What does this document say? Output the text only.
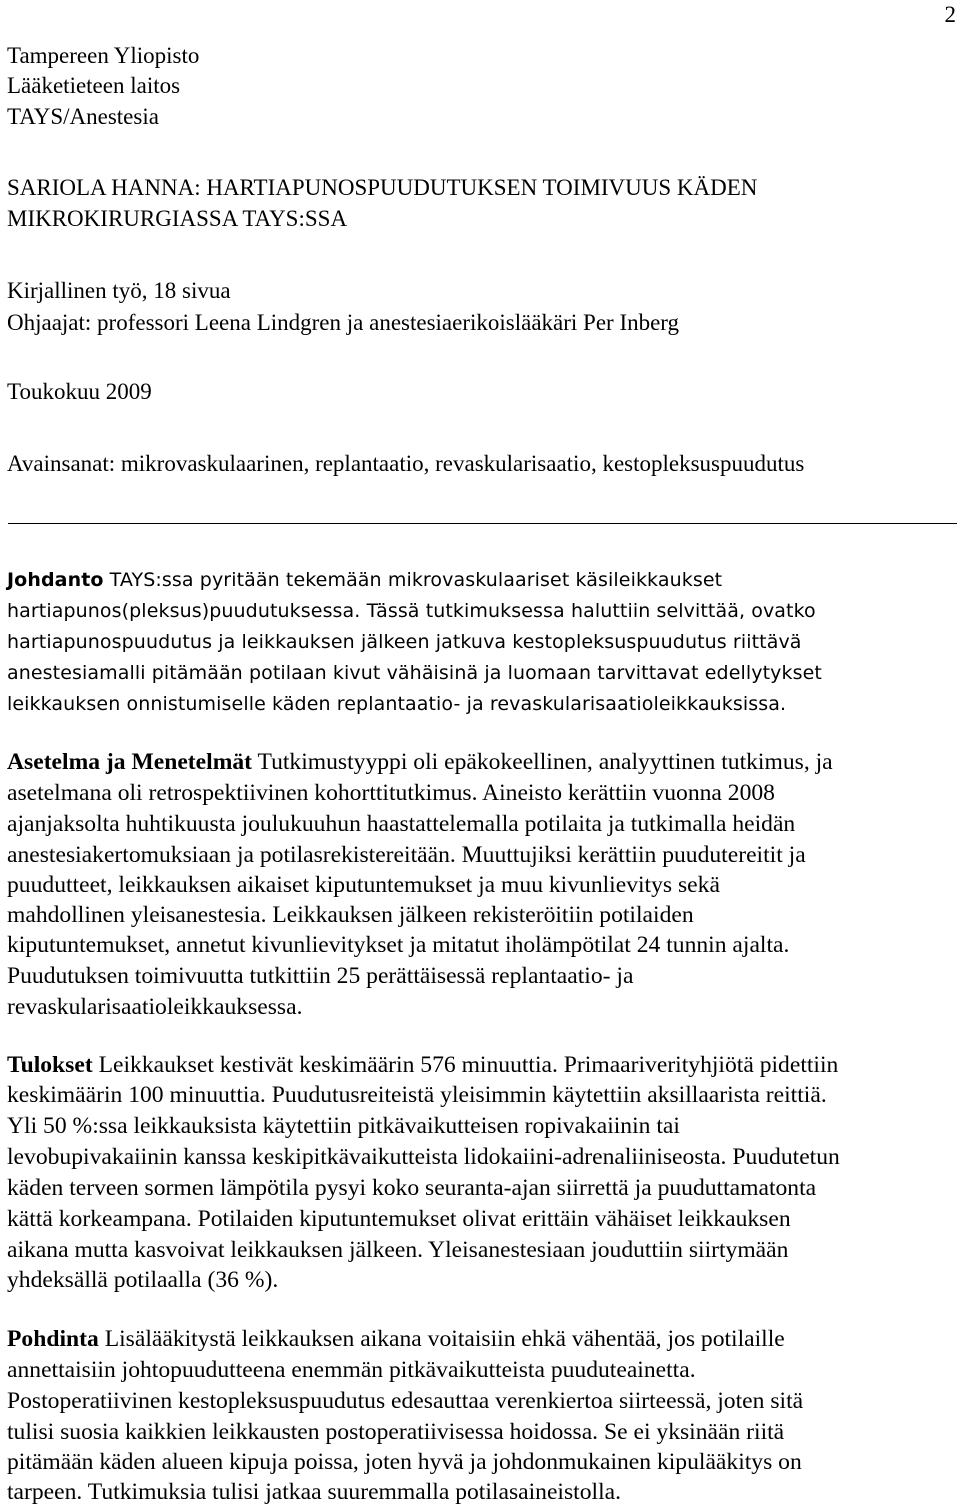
2
Tampereen Yliopisto
Lääketieteen laitos
TAYS/Anestesia
SARIOLA HANNA: HARTIAPUNOSPUUDUTUKSEN TOIMIVUUS KÄDEN
MIKROKIRURGIASSA TAYS:SSA
Kirjallinen työ, 18 sivua
Ohjaajat: professori Leena Lindgren ja anestesiaerikoislääkäri Per Inberg
Toukokuu 2009
Avainsanat: mikrovaskulaarinen, replantaatio, revaskularisaatio, kestopleksuspuudutus
Johdanto TAYS:ssa pyritään tekemään mikrovaskulaariset käsileikkaukset
hartiapunos(pleksus)puudutuksessa. Tässä tutkimuksessa haluttiin selvittää, ovatko
hartiapunospuudutus ja leikkauksen jälkeen jatkuva kestopleksuspuudutus riittävä
anestesiamalli pitämään potilaan kivut vähäisinä ja luomaan tarvittavat edellytykset
leikkauksen onnistumiselle käden replantaatio- ja revaskularisaatioleikkauksissa.
Asetelma ja Menetelmät Tutkimustyyppi oli epäkokeellinen, analyyttinen tutkimus, ja
asetelmana oli retrospektiivinen kohorttitutkimus. Aineisto kerättiin vuonna 2008
ajanjaksolta huhtikuusta joulukuuhun haastattelemalla potilaita ja tutkimalla heidän
anestesiakertomuksiaan ja potilasrekistereitään. Muuttujiksi kerättiin puudutereitit ja
puudutteet, leikkauksen aikaiset kiputuntemukset ja muu kivunlievitys sekä
mahdollinen yleisanestesia. Leikkauksen jälkeen rekisteröitiin potilaiden
kiputuntemukset, annetut kivunlievitykset ja mitatut iholämpötilat 24 tunnin ajalta.
Puudutuksen toimivuutta tutkittiin 25 perättäisessä replantaatio- ja
revaskularisaatioleikkauksessa.
Tulokset Leikkaukset kestivät keskimäärin 576 minuuttia. Primaariverityhjiötä pidettiin
keskimäärin 100 minuuttia. Puudutusreiteistä yleisimmin käytettiin aksillaarista reittiä.
Yli 50 %:ssa leikkauksista käytettiin pitkävaikutteisen ropivakaiinin tai
levobupivakaiinin kanssa keskipitkävaikutteista lidokaiini-adrenaliiniseosta. Puudutetun
käden terveen sormen lämpötila pysyi koko seuranta-ajan siirrettä ja puuduttamatonta
kättä korkeampana. Potilaiden kiputuntemukset olivat erittäin vähäiset leikkauksen
aikana mutta kasvoivat leikkauksen jälkeen. Yleisanestesiaan jouduttiin siirtymään
yhdeksällä potilaalla (36 %).
Pohdinta Lisälääkitystä leikkauksen aikana voitaisiin ehkä vähentää, jos potilaille
annettaisiin johtopuudutteena enemmän pitkävaikutteista puuduteainetta.
Postoperatiivinen kestopleksuspuudutus edesauttaa verenkiertoa siirteessä, joten sitä
tulisi suosia kaikkien leikkausten postoperatiivisessa hoidossa. Se ei yksinään riitä
pitämään käden alueen kipuja poissa, joten hyvä ja johdonmukainen kipulääkitys on
tarpeen. Tutkimuksia tulisi jatkaa suuremmalla potilasaineistolla.
